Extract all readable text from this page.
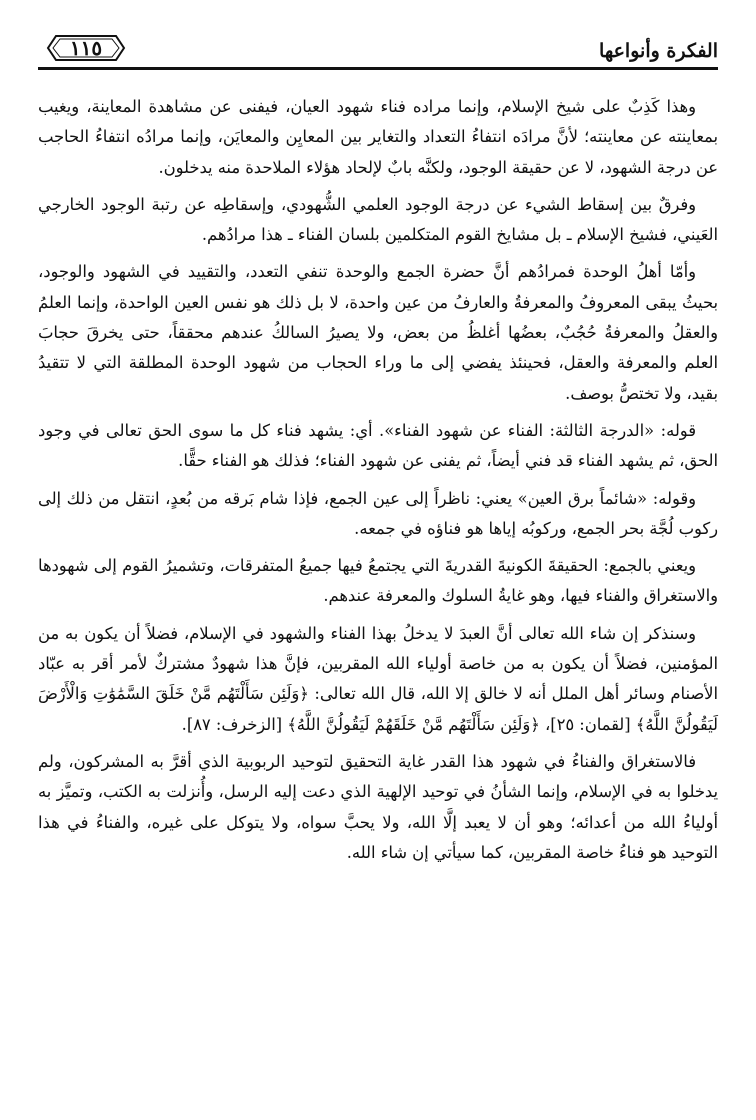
الفكرة وأنواعها
١١٥

وهذا كَذِبٌ على شيخ الإسلام، وإنما مراده فناء شهود العيان، فيفنى عن مشاهدة المعاينة، ويغيب بمعاينته عن معاينته؛ لأنَّ مرادَه انتفاءُ التعداد والتغاير بين المعايِن والمعايَن، وإنما مرادُه انتفاءُ الحاجب عن درجة الشهود، لا عن حقيقة الوجود، ولكنَّه بابٌ لإلحاد هؤلاء الملاحدة منه يدخلون.

وفرقٌ بين إسقاط الشيء عن درجة الوجود العلمي الشُّهودي، وإسقاطِه عن رتبة الوجود الخارجي العَيني، فشيخ الإسلام ـ بل مشايخ القوم المتكلمين بلسان الفناء ـ هذا مرادُهم.

وأمّا أهلُ الوحدة فمرادُهم أنَّ حضرة الجمع والوحدة تنفي التعدد، والتقييد في الشهود والوجود، بحيثُ يبقى المعروفُ والمعرفةُ والعارفُ من عين واحدة، لا بل ذلك هو نفس العين الواحدة، وإنما العلمُ والعقلُ والمعرفةُ حُجُبٌ، بعضُها أغلظُ من بعض، ولا يصيرُ السالكُ عندهم محققاً، حتى يخرقَ حجابَ العلم والمعرفة والعقل، فحينئذ يفضي إلى ما وراء الحجاب من شهود الوحدة المطلقة التي لا تتقيدُ بقيد، ولا تختصُّ بوصف.

قوله: «الدرجة الثالثة: الفناء عن شهود الفناء». أي: يشهد فناء كل ما سوى الحق تعالى في وجود الحق، ثم يشهد الفناء قد فني أيضاً، ثم يفنى عن شهود الفناء؛ فذلك هو الفناء حقًّا.

وقوله: «شائماً برق العين» يعني: ناظراً إلى عين الجمع، فإذا شام بَرقه من بُعدٍ، انتقل من ذلك إلى ركوب لُجَّة بحر الجمع، وركوبُه إياها هو فناؤه في جمعه.

ويعني بالجمع: الحقيقةَ الكونيةَ القدريةَ التي يجتمعُ فيها جميعُ المتفرقات، وتشميرُ القوم إلى شهودها والاستغراق والفناء فيها، وهو غايةُ السلوك والمعرفة عندهم.

وسنذكر إن شاء الله تعالى أنَّ العبدَ لا يدخلُ بهذا الفناء والشهود في الإسلام، فضلاً أن يكون به من المؤمنين، فضلاً أن يكون به من خاصة أولياء الله المقربين، فإنَّ هذا شهودٌ مشتركٌ لأمر أقر به عبّاد الأصنام وسائر أهل الملل أنه لا خالق إلا الله، قال الله تعالى: ﴿وَلَئِن سَأَلْتَهُم مَّنْ خَلَقَ السَّمَٰوَٰتِ وَالْأَرْضَ لَيَقُولُنَّ اللَّهُ﴾ [لقمان: ٢٥]، ﴿وَلَئِن سَأَلْتَهُم مَّنْ خَلَقَهُمْ لَيَقُولُنَّ اللَّهُ﴾ [الزخرف: ٨٧].

فالاستغراق والفناءُ في شهود هذا القدر غاية التحقيق لتوحيد الربوبية الذي أقرَّ به المشركون، ولم يدخلوا به في الإسلام، وإنما الشأنُ في توحيد الإلهية الذي دعت إليه الرسل، وأُنزلت به الكتب، وتميَّز به أولياءُ الله من أعدائه؛ وهو أن لا يعبد إلَّا الله، ولا يحبَّ سواه، ولا يتوكل على غيره، والفناءُ في هذا التوحيد هو فناءُ خاصة المقربين، كما سيأتي إن شاء الله.
